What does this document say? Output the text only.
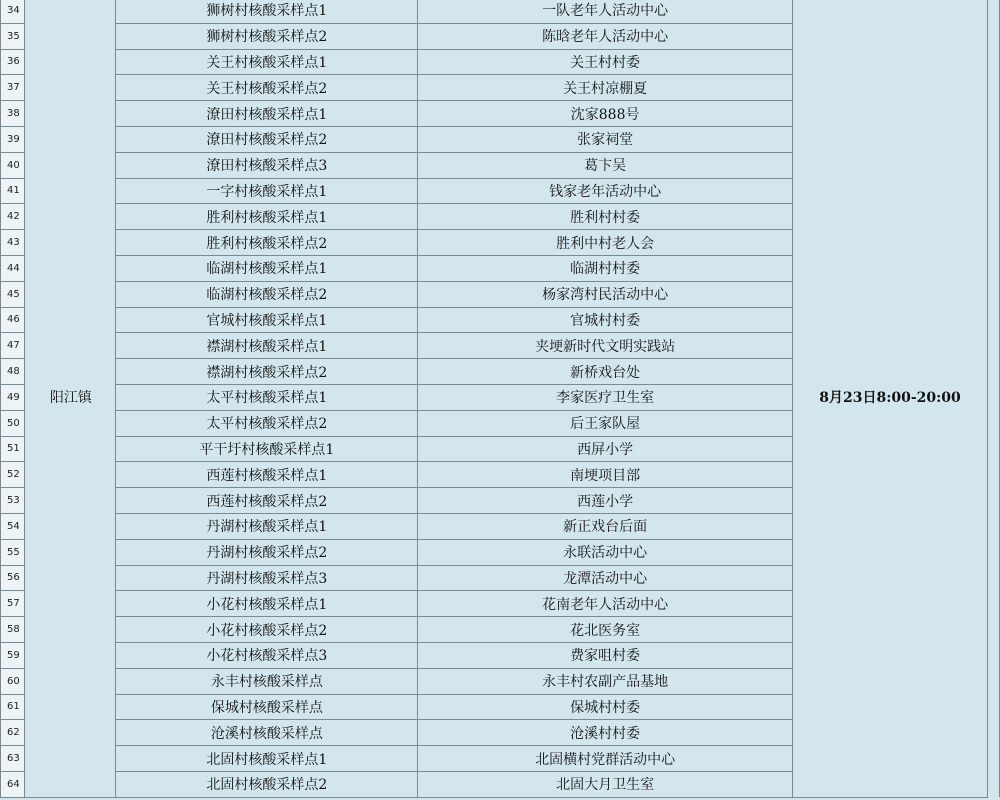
34	阳江镇	狮树村核酸采样点1	一队老年人活动中心	8月23日8:00-20:00	
35		狮树村核酸采样点2	陈晗老年人活动中心		
36		关王村核酸采样点1	关王村村委		
37		关王村核酸采样点2	关王村凉棚夏		
38		潦田村核酸采样点1	沈家888号		
39		潦田村核酸采样点2	张家祠堂		
40		潦田村核酸采样点3	葛卞吴		
41		一字村核酸采样点1	钱家老年活动中心		
42		胜利村核酸采样点1	胜利村村委		
43		胜利村核酸采样点2	胜利中村老人会		
44		临湖村核酸采样点1	临湖村村委		
45		临湖村核酸采样点2	杨家湾村民活动中心		
46		官城村核酸采样点1	官城村村委		
47		襟湖村核酸采样点1	夹埂新时代文明实践站		
48		襟湖村核酸采样点2	新桥戏台处		
49		太平村核酸采样点1	李家医疗卫生室		
50		太平村核酸采样点2	后王家队屋		
51		平干圩村核酸采样点1	西屏小学		
52		西莲村核酸采样点1	南埂项目部		
53		西莲村核酸采样点2	西莲小学		
54		丹湖村核酸采样点1	新正戏台后面		
55		丹湖村核酸采样点2	永联活动中心		
56		丹湖村核酸采样点3	龙潭活动中心		
57		小花村核酸采样点1	花南老年人活动中心		
58		小花村核酸采样点2	花北医务室		
59		小花村核酸采样点3	费家咀村委		
60		永丰村核酸采样点	永丰村农副产品基地		
61		保城村核酸采样点	保城村村委		
62		沧溪村核酸采样点	沧溪村村委		
63		北固村核酸采样点1	北固横村党群活动中心		
64		北固村核酸采样点2	北固大月卫生室		
